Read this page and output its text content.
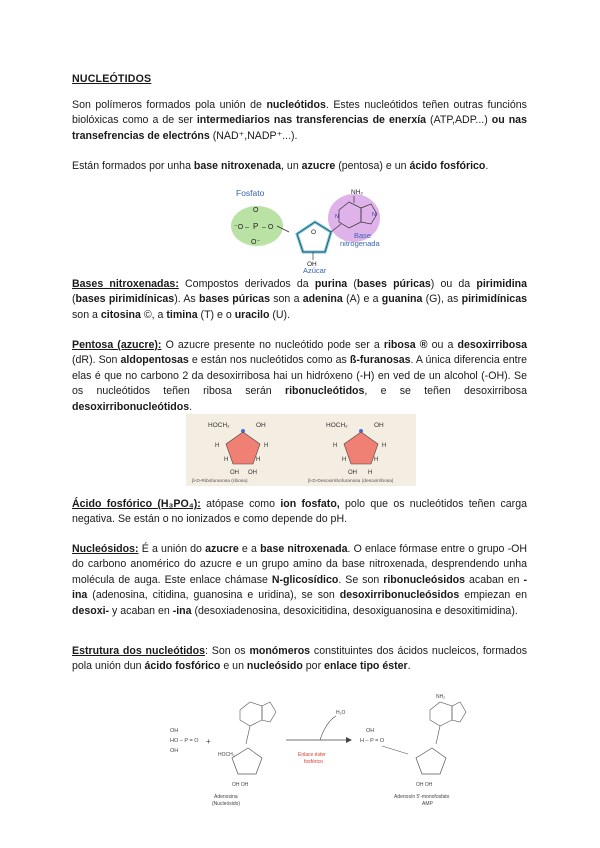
NUCLEÓTIDOS
Son polímeros formados pola unión de nucleótidos. Estes nucleótidos teñen outras funcións biolóxicas como a de ser intermediarios nas transferencias de enerxía (ATP,ADP...) ou nas transefrencias de electróns (NAD⁺,NADP⁺...).
Están formados por unha base nitroxenada, un azucre (pentosa) e un ácido fosfórico.
Fosfato
P
⁻O – – O
O
O⁻
O
OH
Azúcar
NH₂
N	N
Base
nitrogenada
Bases nitroxenadas: Compostos derivados da purina (bases púricas) ou da pirimidina (bases pirimidínicas). As bases púricas son a adenina (A) e a guanina (G), as pirimidínicas son a citosina ©, a timina (T) e o uracilo (U).
Pentosa (azucre): O azucre presente no nucleótido pode ser a ribosa ® ou a desoxirribosa (dR). Son aldopentosas e están nos nucleótidos como as ß-furanosas. A única diferencia entre elas é que no carbono 2 da desoxirribosa hai un hidróxeno (-H) en ved de un alcohol (-OH). Se os nucleótidos teñen ribosa serán ribonucleótidos, e se teñen desoxirribosa desoxirribonucleótidos.
HOCH₂	OH
H	H
H	H
OH OH
β-D-Ribofuranosa (ribosa)
HOCH₂	OH
H	H
H	H
OH H
β-D-Desoxirribofuranosa (desoxirribosa)
Ácido fosfórico (H₃PO₄): atópase como ion fosfato, polo que os nucleótidos teñen carga negativa. Se están o no ionizados e como depende do pH.
Nucleósidos: É a unión do azucre e a base nitroxenada. O enlace fórmase entre o grupo -OH do carbono anomérico do azucre e un grupo amino da base nitroxenada, desprendendo unha molécula de auga. Este enlace chámase N-glicosídico. Se son ribonucleósidos acaban en -ina (adenosina, citidina, guanosina e uridina), se son desoxirribonucleósidos empiezan en desoxi- y acaban en -ina (desoxiadenosina, desoxicitidina, desoxiguanosina e desoxitimidina).
Estrutura dos nucleótidos: Son os monómeros constituintes dos ácidos nucleicos, formados pola unión dun ácido fosfórico e un nucleósido por enlace tipo éster.
OH
HO – P = O
OH
+
HOCH₂
OH OH
Adenosina
(Nucleósido)
H₂O
Enlace éster
fosfórico
OH
H – P = O
NH₂
OH OH
Adenosín 5'-monofosfato
AMP
